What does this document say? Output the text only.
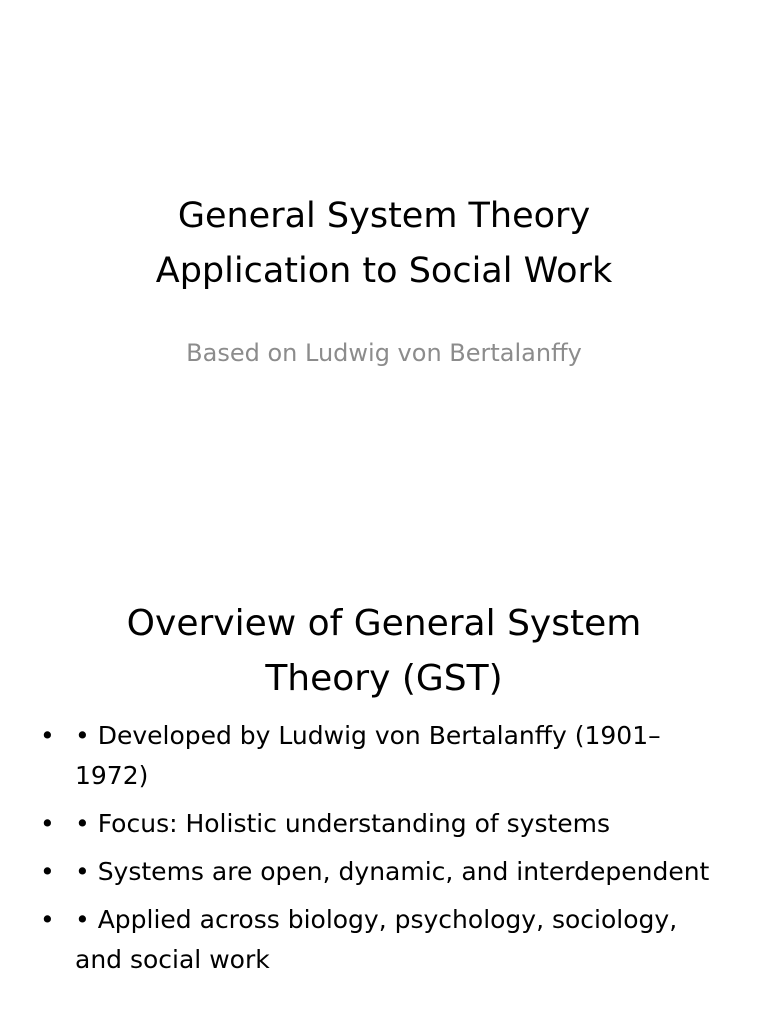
General System Theory
Application to Social Work

Based on Ludwig von Bertalanffy

Overview of General System
Theory (GST)
• • Developed by Ludwig von Bertalanffy (1901–1972)
• • Focus: Holistic understanding of systems
• • Systems are open, dynamic, and interdependent
• • Applied across biology, psychology, sociology, and social work
